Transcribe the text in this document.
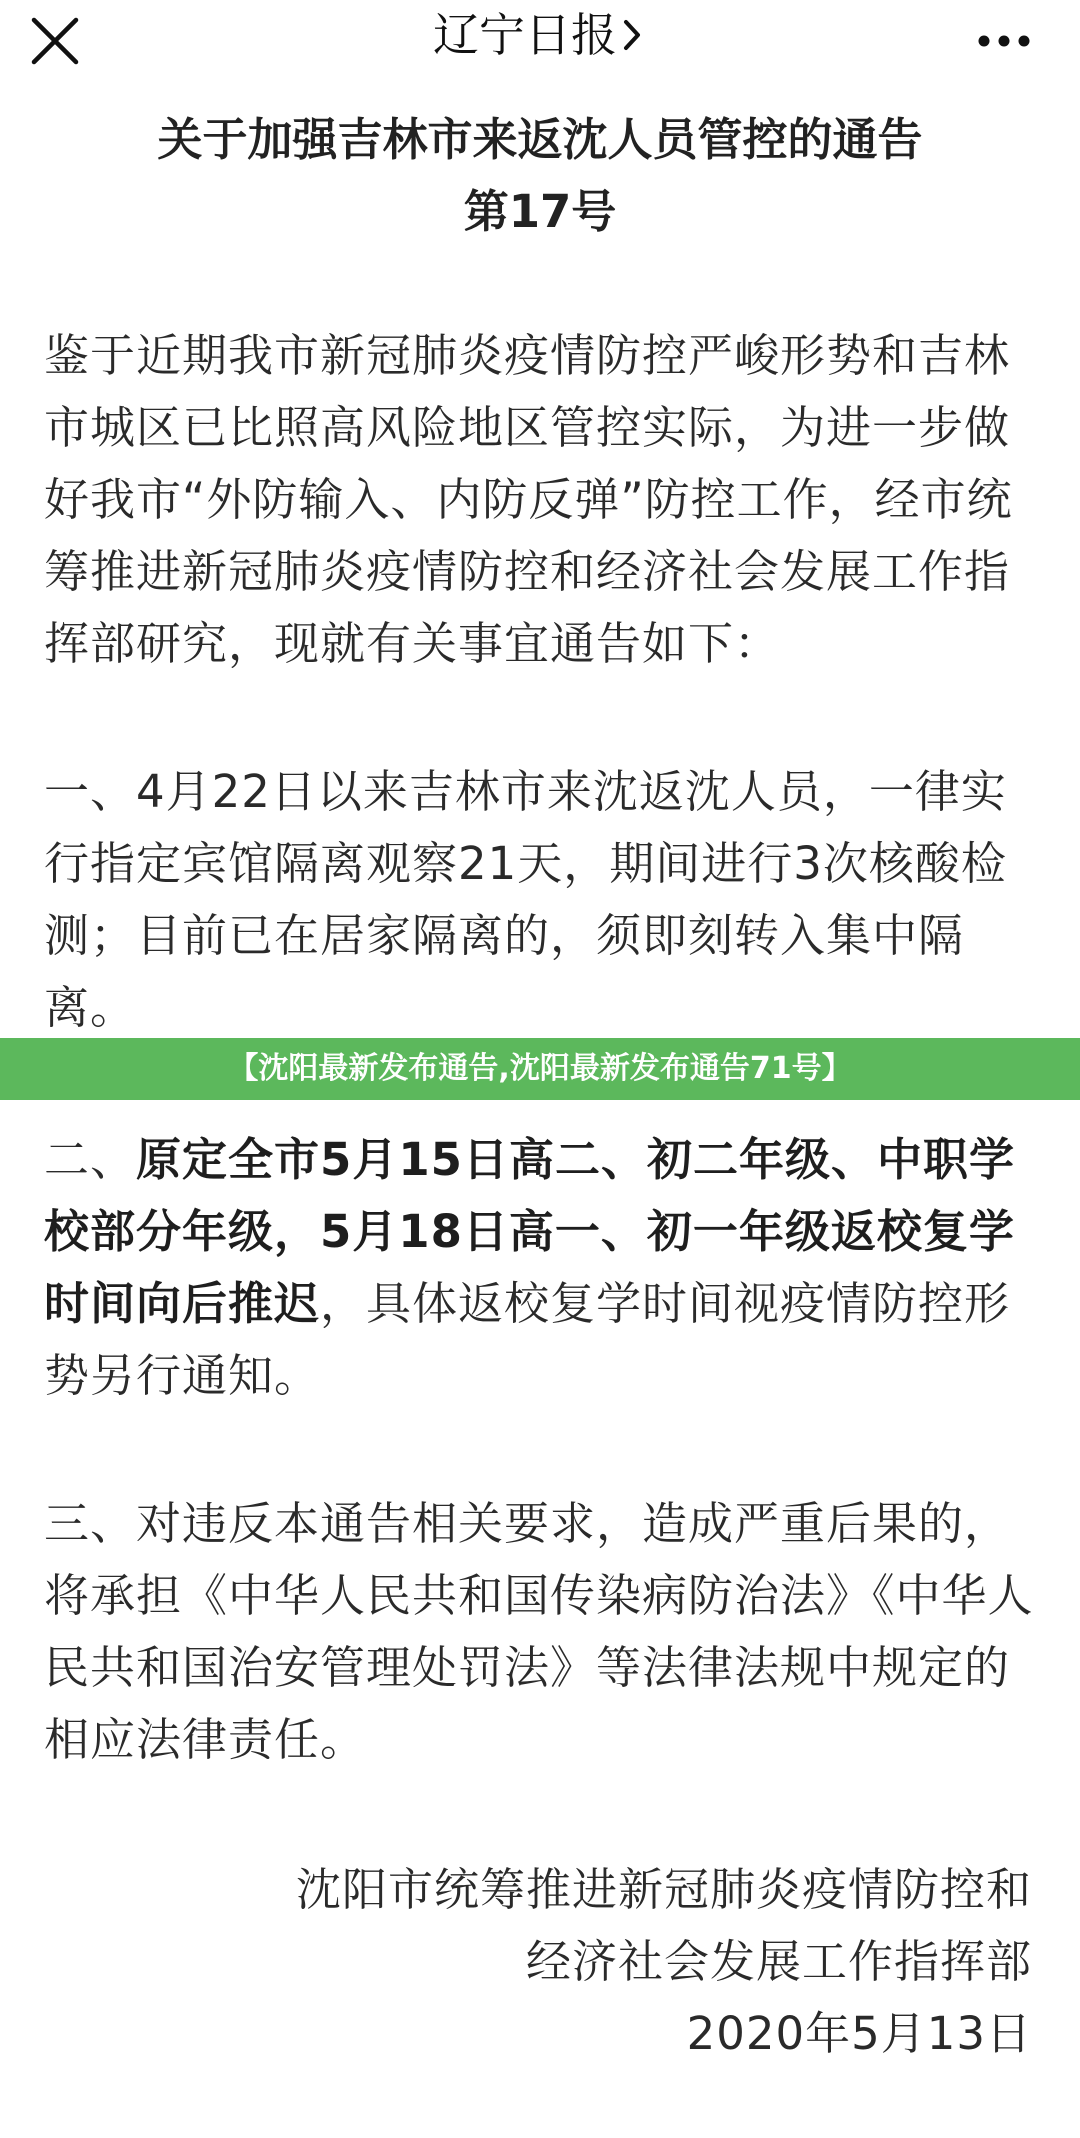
辽宁日报
关于加强吉林市来返沈人员管控的通告
第17号
鉴于近期我市新冠肺炎疫情防控严峻形势和吉林市城区已比照高风险地区管控实际，为进一步做好我市“外防输入、内防反弹”防控工作，经市统筹推进新冠肺炎疫情防控和经济社会发展工作指挥部研究，现就有关事宜通告如下：
一、4月22日以来吉林市来沈返沈人员，一律实行指定宾馆隔离观察21天，期间进行3次核酸检测；目前已在居家隔离的，须即刻转入集中隔离。
【沈阳最新发布通告,沈阳最新发布通告71号】
二、原定全市5月15日高二、初二年级、中职学校部分年级，5月18日高一、初一年级返校复学时间向后推迟，具体返校复学时间视疫情防控形势另行通知。
三、对违反本通告相关要求，造成严重后果的，将承担《中华人民共和国传染病防治法》《中华人民共和国治安管理处罚法》等法律法规中规定的相应法律责任。
沈阳市统筹推进新冠肺炎疫情防控和
经济社会发展工作指挥部
2020年5月13日
